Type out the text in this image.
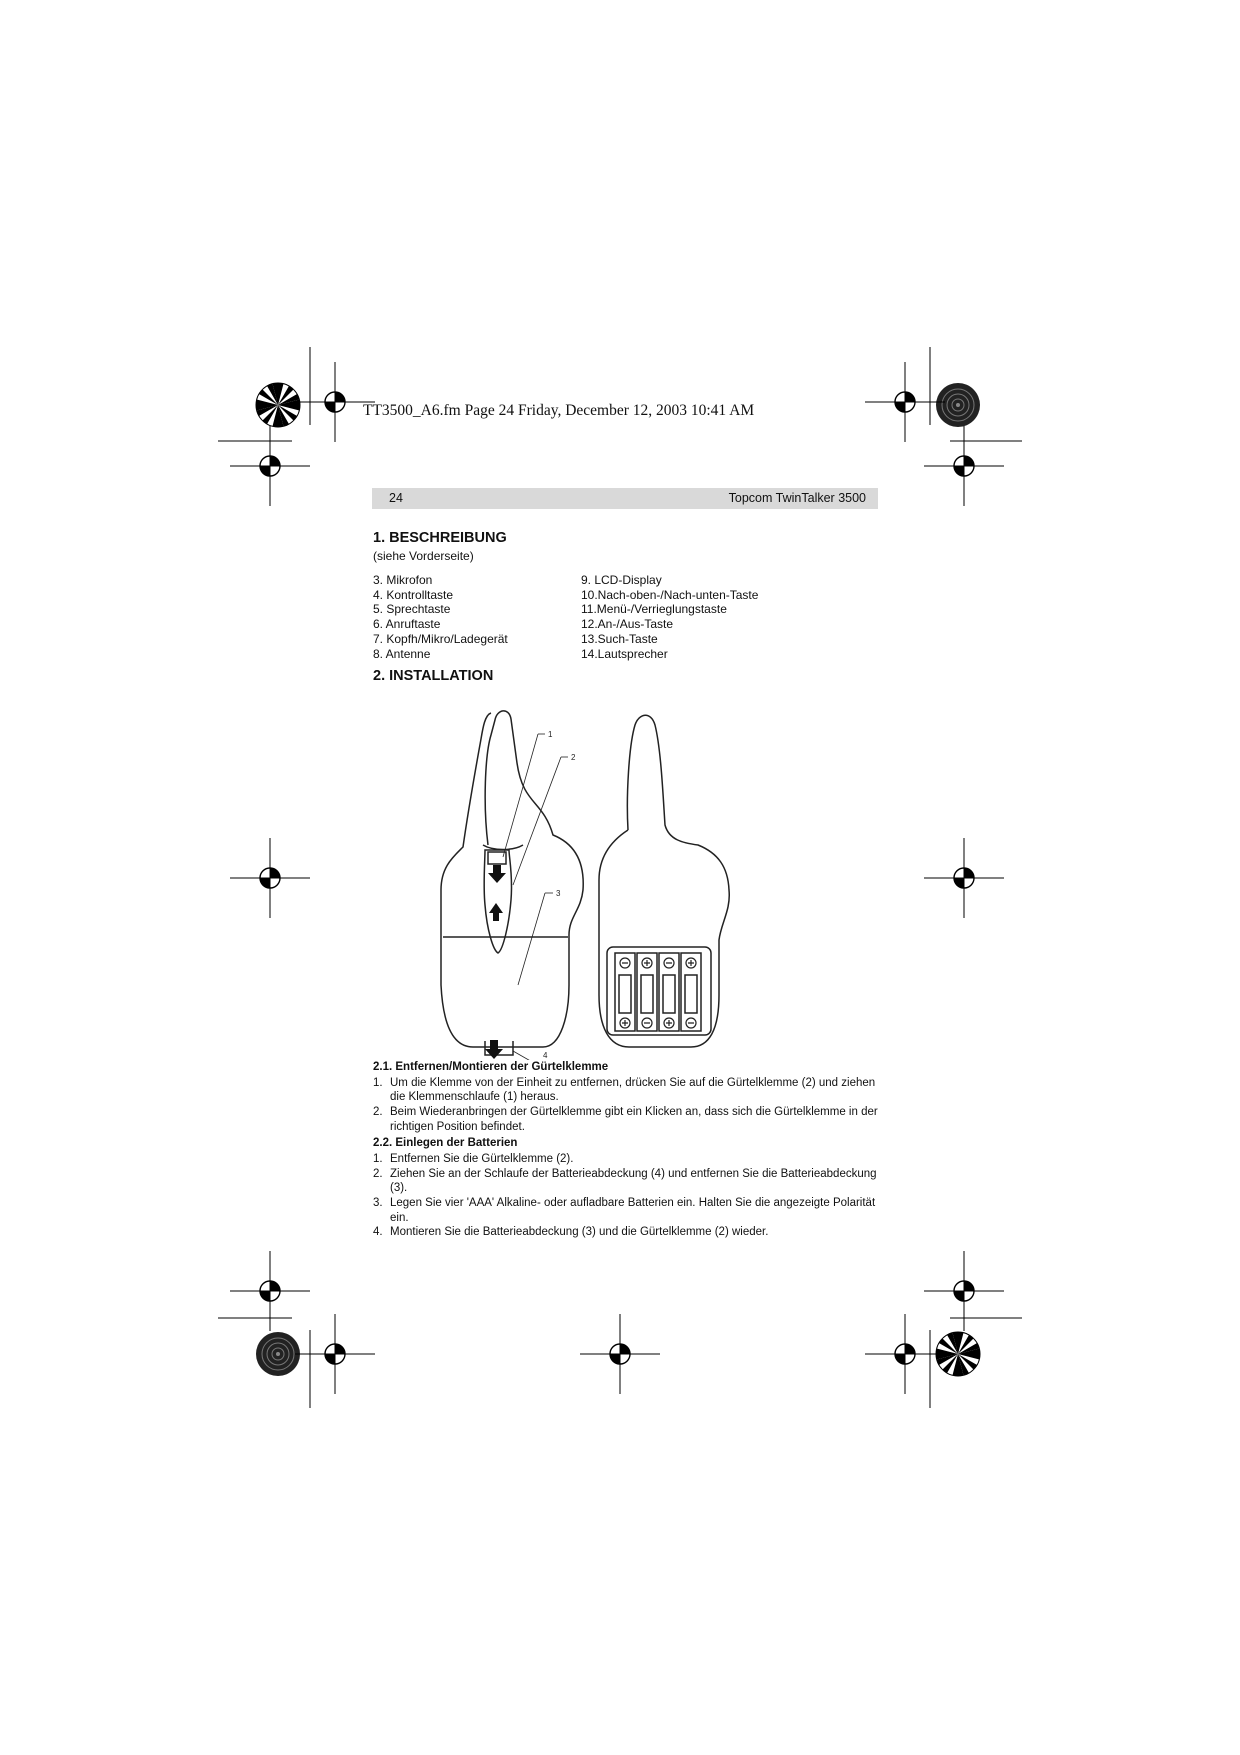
TT3500_A6.fm Page 24 Friday, December 12, 2003 10:41 AM
24	Topcom TwinTalker 3500
1. BESCHREIBUNG
(siehe Vorderseite)
3. Mikrofon
4. Kontrolltaste
5. Sprechtaste
6. Anruftaste
7. Kopfh/Mikro/Ladegerät
8. Antenne
9. LCD-Display
10.Nach-oben-/Nach-unten-Taste
11.Menü-/Verrieglungstaste
12.An-/Aus-Taste
13.Such-Taste
14.Lautsprecher
2. INSTALLATION
1
2
3
4
2.1. Entfernen/Montieren der Gürtelklemme
1. Um die Klemme von der Einheit zu entfernen, drücken Sie auf die Gürtelklemme (2) und ziehen die Klemmenschlaufe (1) heraus.
2. Beim Wiederanbringen der Gürtelklemme gibt ein Klicken an, dass sich die Gürtelklemme in der richtigen Position befindet.
2.2. Einlegen der Batterien
1. Entfernen Sie die Gürtelklemme (2).
2. Ziehen Sie an der Schlaufe der Batterieabdeckung (4) und entfernen Sie die Batterieabdeckung (3).
3. Legen Sie vier 'AAA' Alkaline- oder aufladbare Batterien ein. Halten Sie die angezeigte Polarität ein.
4. Montieren Sie die Batterieabdeckung (3) und die Gürtelklemme (2) wieder.
